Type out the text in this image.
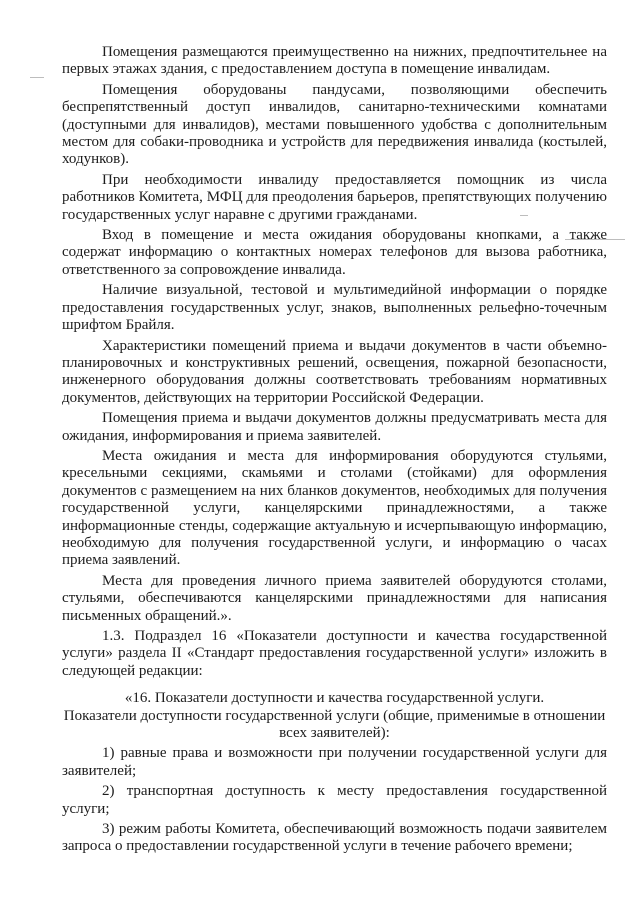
Помещения размещаются преимущественно на нижних, предпочтительнее на первых этажах здания, с предоставлением доступа в помещение инвалидам.

Помещения оборудованы пандусами, позволяющими обеспечить беспрепятственный доступ инвалидов, санитарно-техническими комнатами (доступными для инвалидов), местами повышенного удобства с дополнительным местом для собаки-проводника и устройств для передвижения инвалида (костылей, ходунков).

При необходимости инвалиду предоставляется помощник из числа работников Комитета, МФЦ для преодоления барьеров, препятствующих получению государственных услуг наравне с другими гражданами.

Вход в помещение и места ожидания оборудованы кнопками, а также содержат информацию о контактных номерах телефонов для вызова работника, ответственного за сопровождение инвалида.

Наличие визуальной, тестовой и мультимедийной информации о порядке предоставления государственных услуг, знаков, выполненных рельефно-точечным шрифтом Брайля.

Характеристики помещений приема и выдачи документов в части объемно-планировочных и конструктивных решений, освещения, пожарной безопасности, инженерного оборудования должны соответствовать требованиям нормативных документов, действующих на территории Российской Федерации.

Помещения приема и выдачи документов должны предусматривать места для ожидания, информирования и приема заявителей.

Места ожидания и места для информирования оборудуются стульями, кресельными секциями, скамьями и столами (стойками) для оформления документов с размещением на них бланков документов, необходимых для получения государственной услуги, канцелярскими принадлежностями, а также информационные стенды, содержащие актуальную и исчерпывающую информацию, необходимую для получения государственной услуги, и информацию о часах приема заявлений.

Места для проведения личного приема заявителей оборудуются столами, стульями, обеспечиваются канцелярскими принадлежностями для написания письменных обращений.».

1.3. Подраздел 16 «Показатели доступности и качества государственной услуги» раздела II «Стандарт предоставления государственной услуги» изложить в следующей редакции:

«16. Показатели доступности и качества государственной услуги.

Показатели доступности государственной услуги (общие, применимые в отношении всех заявителей):

1) равные права и возможности при получении государственной услуги для заявителей;

2) транспортная доступность к месту предоставления государственной услуги;

3) режим работы Комитета, обеспечивающий возможность подачи заявителем запроса о предоставлении государственной услуги в течение рабочего времени;
